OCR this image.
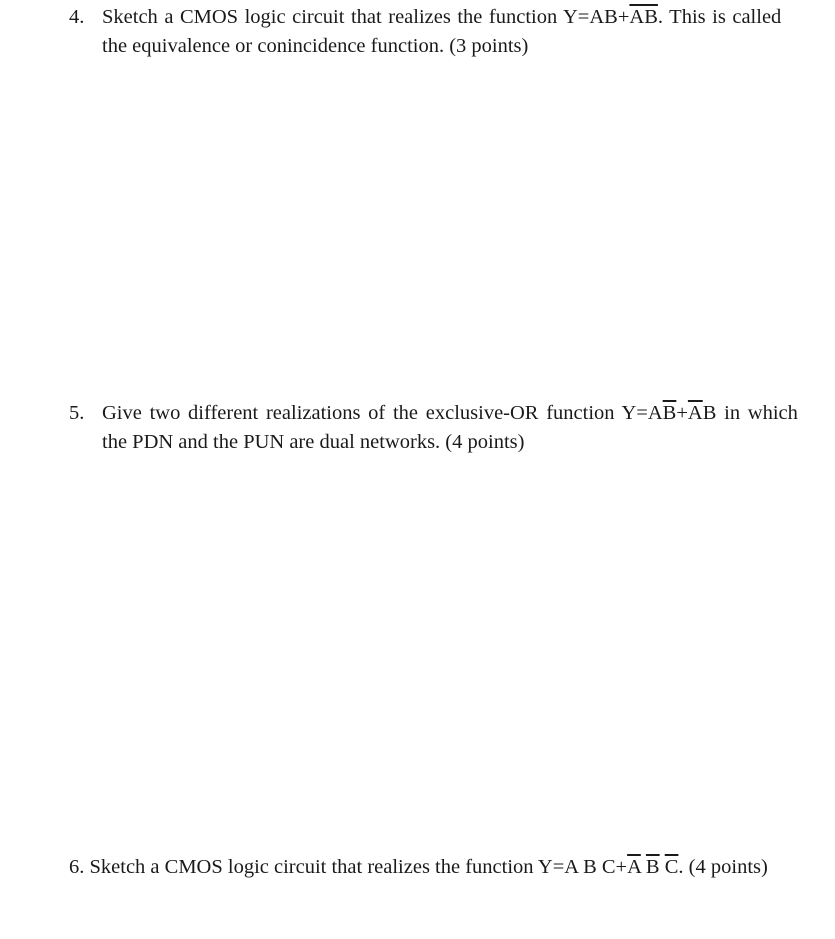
4. Sketch a CMOS logic circuit that realizes the function $Y=AB+\overline{AB}$. This is called
the equivalence or conincidence function. (3 points)
5. Give two different realizations of the exclusive-OR function $Y=A\overline{B}+\overline{A}B$ in which
the PDN and the PUN are dual networks. (4 points)
6. Sketch a CMOS logic circuit that realizes the function Y=A B $C+\overline{A}$ $\overline{B}$ $\overline{C}$. (4 points)
